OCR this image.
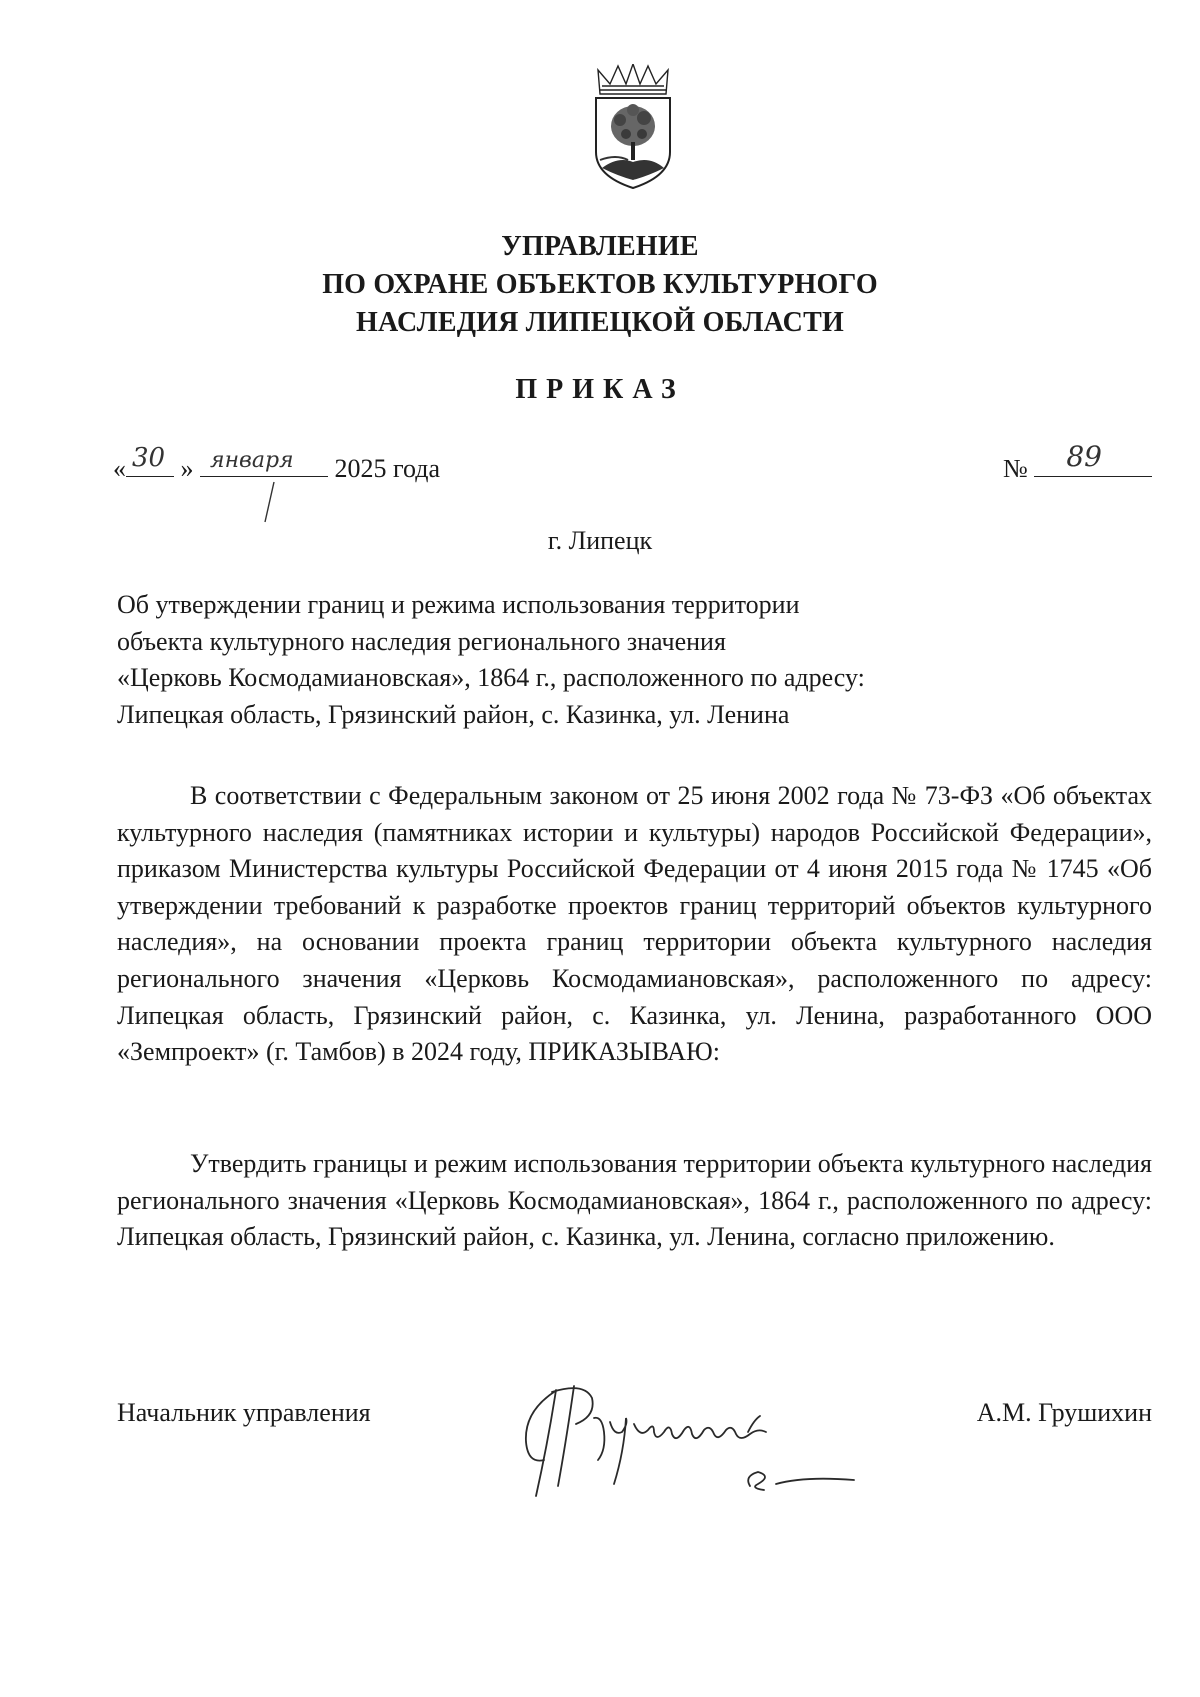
УПРАВЛЕНИЕ
ПО ОХРАНЕ ОБЪЕКТОВ КУЛЬТУРНОГО
НАСЛЕДИЯ ЛИПЕЦКОЙ ОБЛАСТИ
ПРИКАЗ
« 30 » января 2025 года	№ 89
г. Липецк
Об утверждении границ и режима использования территории
объекта культурного наследия регионального значения
«Церковь Космодамиановская», 1864 г., расположенного по адресу:
Липецкая область, Грязинский район, с. Казинка, ул. Ленина
В соответствии с Федеральным законом от 25 июня 2002 года № 73-ФЗ «Об объектах культурного наследия (памятниках истории и культуры) народов Российской Федерации», приказом Министерства культуры Российской Федерации от 4 июня 2015 года № 1745 «Об утверждении требований к разработке проектов границ территорий объектов культурного наследия», на основании проекта границ территории объекта культурного наследия регионального значения «Церковь Космодамиановская», расположенного по адресу: Липецкая область, Грязинский район, с. Казинка, ул. Ленина, разработанного ООО «Земпроект» (г. Тамбов) в 2024 году, ПРИКАЗЫВАЮ:
Утвердить границы и режим использования территории объекта культурного наследия регионального значения «Церковь Космодамиановская», 1864 г., расположенного по адресу: Липецкая область, Грязинский район, с. Казинка, ул. Ленина, согласно приложению.
Начальник управления	А.М. Грушихин
